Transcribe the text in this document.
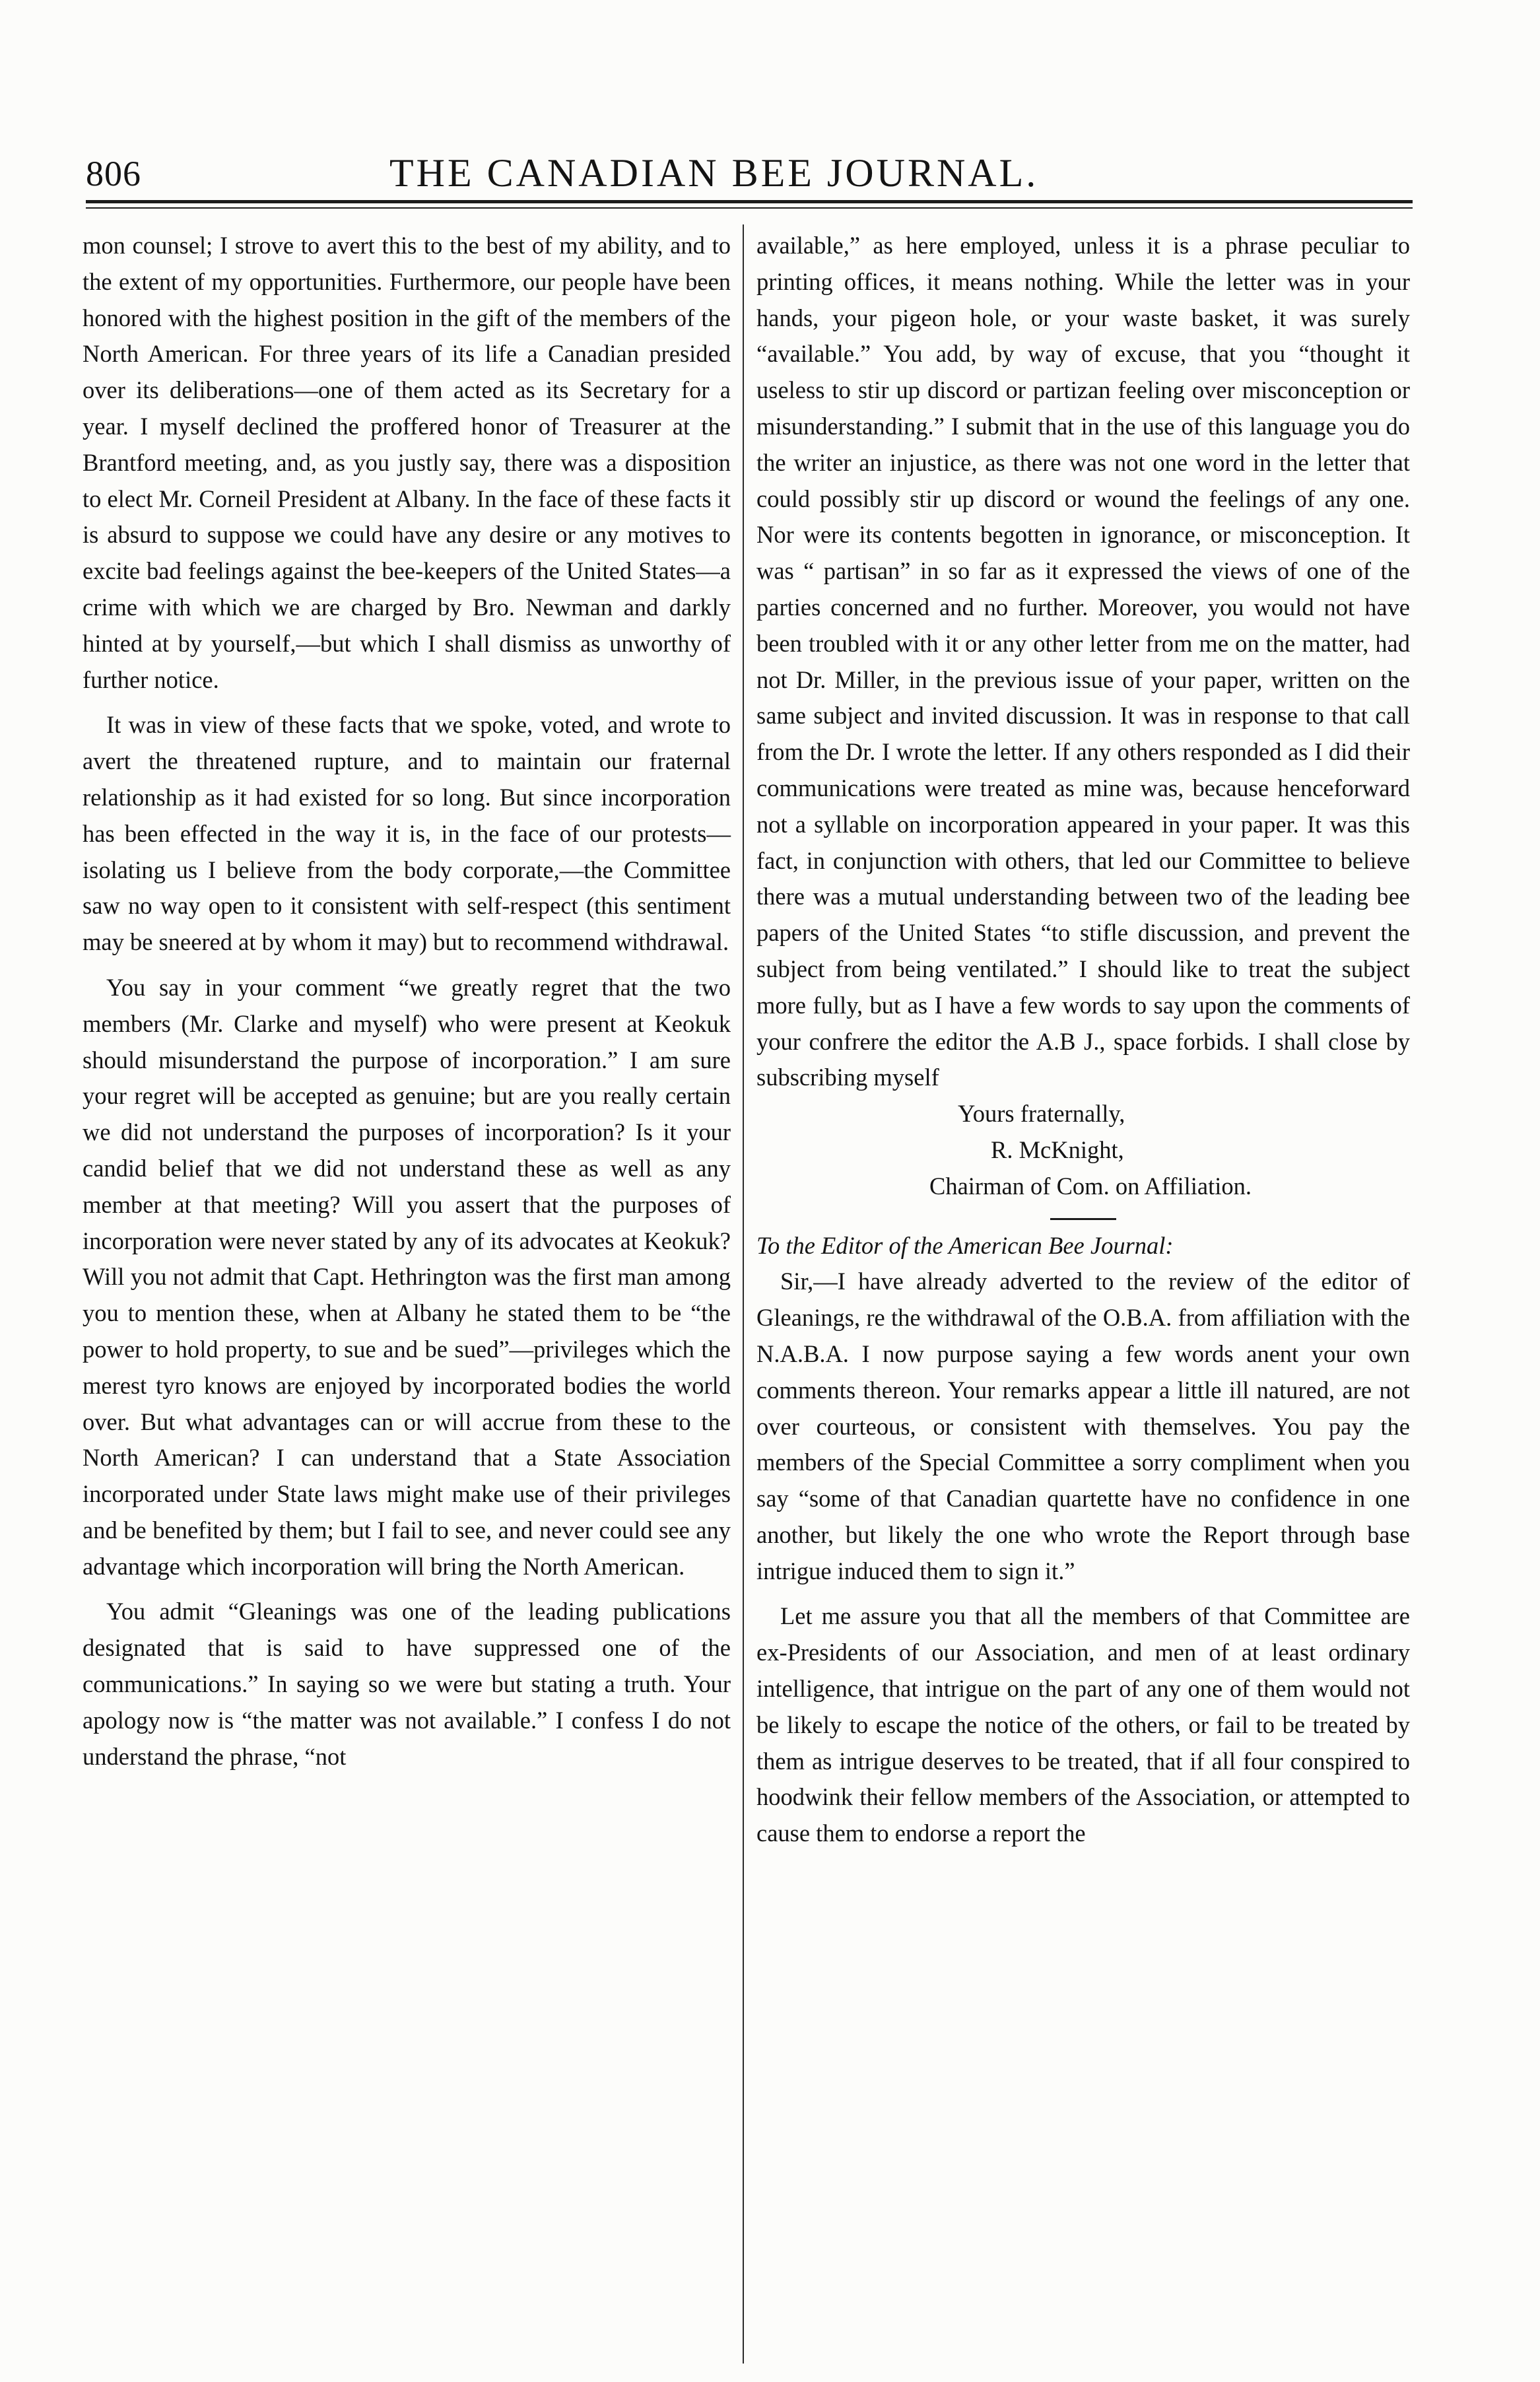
806	THE CANADIAN BEE JOURNAL.

mon counsel; I strove to avert this to the best of my ability, and to the extent of my opportunities. Furthermore, our people have been honored with the highest position in the gift of the members of the North American. For three years of its life a Canadian presided over its deliberations—one of them acted as its Secretary for a year. I myself declined the proffered honor of Treasurer at the Brantford meeting, and, as you justly say, there was a disposition to elect Mr. Corneil President at Albany. In the face of these facts it is absurd to suppose we could have any desire or any motives to excite bad feelings against the bee-keepers of the United States—a crime with which we are charged by Bro. Newman and darkly hinted at by yourself,—but which I shall dismiss as unworthy of further notice.

It was in view of these facts that we spoke, voted, and wrote to avert the threatened rupture, and to maintain our fraternal relationship as it had existed for so long. But since incorporation has been effected in the way it is, in the face of our protests—isolating us I believe from the body corporate,—the Committee saw no way open to it consistent with self-respect (this sentiment may be sneered at by whom it may) but to recommend withdrawal.

You say in your comment “we greatly regret that the two members (Mr. Clarke and myself) who were present at Keokuk should misunderstand the purpose of incorporation.” I am sure your regret will be accepted as genuine; but are you really certain we did not understand the purposes of incorporation? Is it your candid belief that we did not understand these as well as any member at that meeting? Will you assert that the purposes of incorporation were never stated by any of its advocates at Keokuk? Will you not admit that Capt. Hethrington was the first man among you to mention these, when at Albany he stated them to be “the power to hold property, to sue and be sued”—privileges which the merest tyro knows are enjoyed by incorporated bodies the world over. But what advantages can or will accrue from these to the North American? I can understand that a State Association incorporated under State laws might make use of their privileges and be benefited by them; but I fail to see, and never could see any advantage which incorporation will bring the North American.

You admit “Gleanings was one of the leading publications designated that is said to have suppressed one of the communications.” In saying so we were but stating a truth. Your apology now is “the matter was not available.” I confess I do not understand the phrase, “not

available,” as here employed, unless it is a phrase peculiar to printing offices, it means nothing. While the letter was in your hands, your pigeon hole, or your waste basket, it was surely “available.” You add, by way of excuse, that you “thought it useless to stir up discord or partizan feeling over misconception or misunderstanding.” I submit that in the use of this language you do the writer an injustice, as there was not one word in the letter that could possibly stir up discord or wound the feelings of any one. Nor were its contents begotten in ignorance, or misconception. It was “ partisan” in so far as it expressed the views of one of the parties concerned and no further. Moreover, you would not have been troubled with it or any other letter from me on the matter, had not Dr. Miller, in the previous issue of your paper, written on the same subject and invited discussion. It was in response to that call from the Dr. I wrote the letter. If any others responded as I did their communications were treated as mine was, because henceforward not a syllable on incorporation appeared in your paper. It was this fact, in conjunction with others, that led our Committee to believe there was a mutual understanding between two of the leading bee papers of the United States “to stifle discussion, and prevent the subject from being ventilated.” I should like to treat the subject more fully, but as I have a few words to say upon the comments of your confrere the editor the A.B J., space forbids. I shall close by subscribing myself

Yours fraternally,

R. McKnight,

Chairman of Com. on Affiliation.

To the Editor of the American Bee Journal:

Sir,—I have already adverted to the review of the editor of Gleanings, re the withdrawal of the O.B.A. from affiliation with the N.A.B.A. I now purpose saying a few words anent your own comments thereon. Your remarks appear a little ill natured, are not over courteous, or consistent with themselves. You pay the members of the Special Committee a sorry compliment when you say “some of that Canadian quartette have no confidence in one another, but likely the one who wrote the Report through base intrigue induced them to sign it.”

Let me assure you that all the members of that Committee are ex-Presidents of our Association, and men of at least ordinary intelligence, that intrigue on the part of any one of them would not be likely to escape the notice of the others, or fail to be treated by them as intrigue deserves to be treated, that if all four conspired to hoodwink their fellow members of the Association, or attempted to cause them to endorse a report the
